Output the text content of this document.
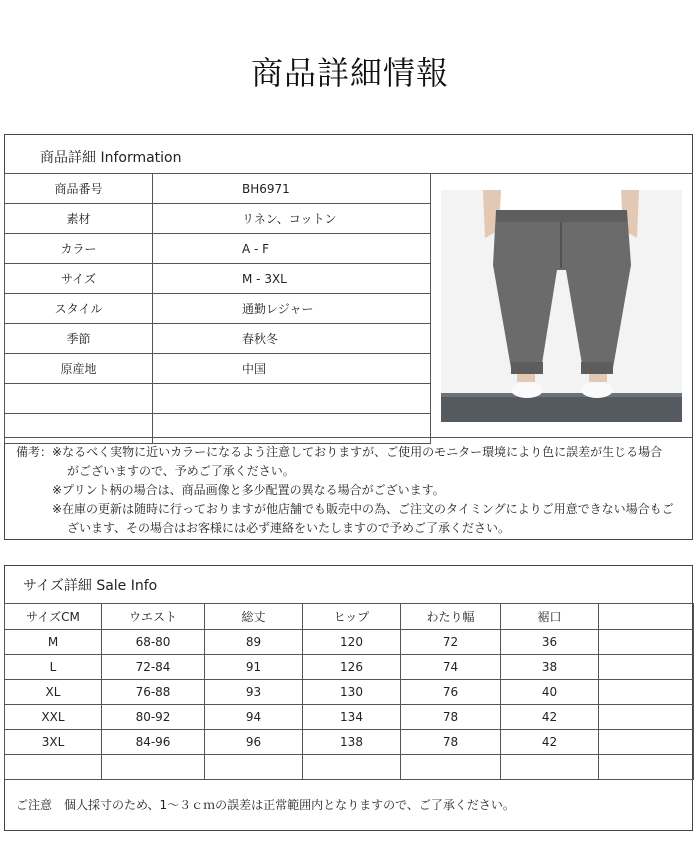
商品詳細情報
商品詳細 Information
商品番号	BH6971
素材	リネン、コットン
カラー	A - F
サイズ	M - 3XL
スタイル	通勤レジャー
季節	春秋冬
原産地	中国

備考：※なるべく実物に近いカラーになるよう注意しておりますが、ご使用のモニター環境により色に誤差が生じる場合
がございますので、予めご了承ください。
※プリント柄の場合は、商品画像と多少配置の異なる場合がございます。
※在庫の更新は随時に行っておりますが他店舗でも販売中の為、ご注文のタイミングによりご用意できない場合もご
ざいます、その場合はお客様には必ず連絡をいたしますので予めご了承ください。
サイズ詳細 Sale Info
サイズCM	ウエスト	総丈	ヒップ	わたり幅	裾口	
M	68-80	89	120	72	36	
L	72-84	91	126	74	38	
XL	76-88	93	130	76	40	
XXL	80-92	94	134	78	42	
3XL	84-96	96	138	78	42	

ご注意　個人採寸のため、1～３ｃｍの誤差は正常範囲内となりますので、ご了承ください。
